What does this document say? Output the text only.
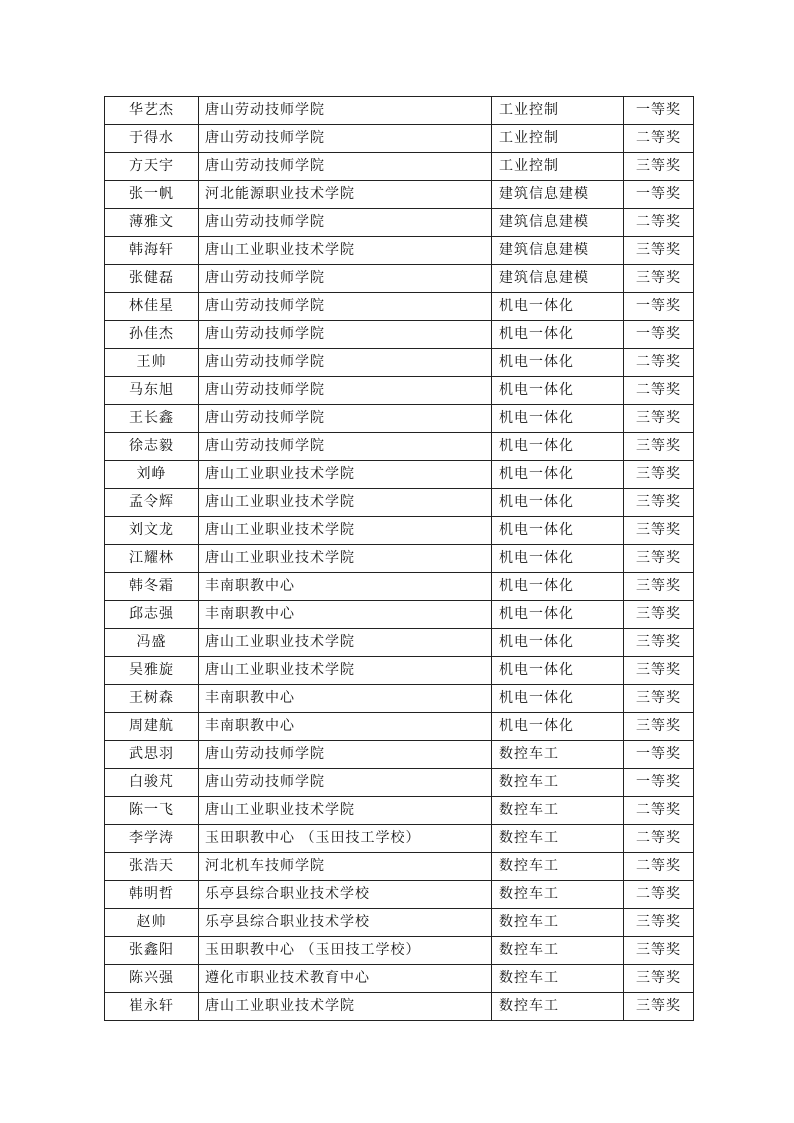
华艺杰	唐山劳动技师学院	工业控制	一等奖
于得水	唐山劳动技师学院	工业控制	二等奖
方天宇	唐山劳动技师学院	工业控制	三等奖
张一帆	河北能源职业技术学院	建筑信息建模	一等奖
薄雅文	唐山劳动技师学院	建筑信息建模	二等奖
韩海轩	唐山工业职业技术学院	建筑信息建模	三等奖
张健磊	唐山劳动技师学院	建筑信息建模	三等奖
林佳星	唐山劳动技师学院	机电一体化	一等奖
孙佳杰	唐山劳动技师学院	机电一体化	一等奖
王帅	唐山劳动技师学院	机电一体化	二等奖
马东旭	唐山劳动技师学院	机电一体化	二等奖
王长鑫	唐山劳动技师学院	机电一体化	三等奖
徐志毅	唐山劳动技师学院	机电一体化	三等奖
刘峥	唐山工业职业技术学院	机电一体化	三等奖
孟令辉	唐山工业职业技术学院	机电一体化	三等奖
刘文龙	唐山工业职业技术学院	机电一体化	三等奖
江耀林	唐山工业职业技术学院	机电一体化	三等奖
韩冬霜	丰南职教中心	机电一体化	三等奖
邱志强	丰南职教中心	机电一体化	三等奖
冯盛	唐山工业职业技术学院	机电一体化	三等奖
吴雅旋	唐山工业职业技术学院	机电一体化	三等奖
王树森	丰南职教中心	机电一体化	三等奖
周建航	丰南职教中心	机电一体化	三等奖
武思羽	唐山劳动技师学院	数控车工	一等奖
白骏芃	唐山劳动技师学院	数控车工	一等奖
陈一飞	唐山工业职业技术学院	数控车工	二等奖
李学涛	玉田职教中心 （玉田技工学校）	数控车工	二等奖
张浩天	河北机车技师学院	数控车工	二等奖
韩明哲	乐亭县综合职业技术学校	数控车工	二等奖
赵帅	乐亭县综合职业技术学校	数控车工	三等奖
张鑫阳	玉田职教中心 （玉田技工学校）	数控车工	三等奖
陈兴强	遵化市职业技术教育中心	数控车工	三等奖
崔永轩	唐山工业职业技术学院	数控车工	三等奖
